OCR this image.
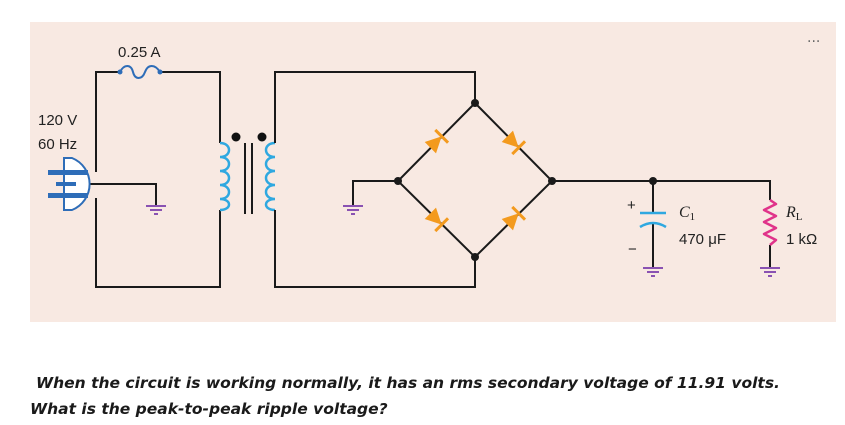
···
0.25 A
120 V
60 Hz
+
−
C1
470 μF
RL
1 kΩ
When the circuit is working normally, it has an rms secondary voltage of 11.91 volts.
What is the peak-to-peak ripple voltage?
